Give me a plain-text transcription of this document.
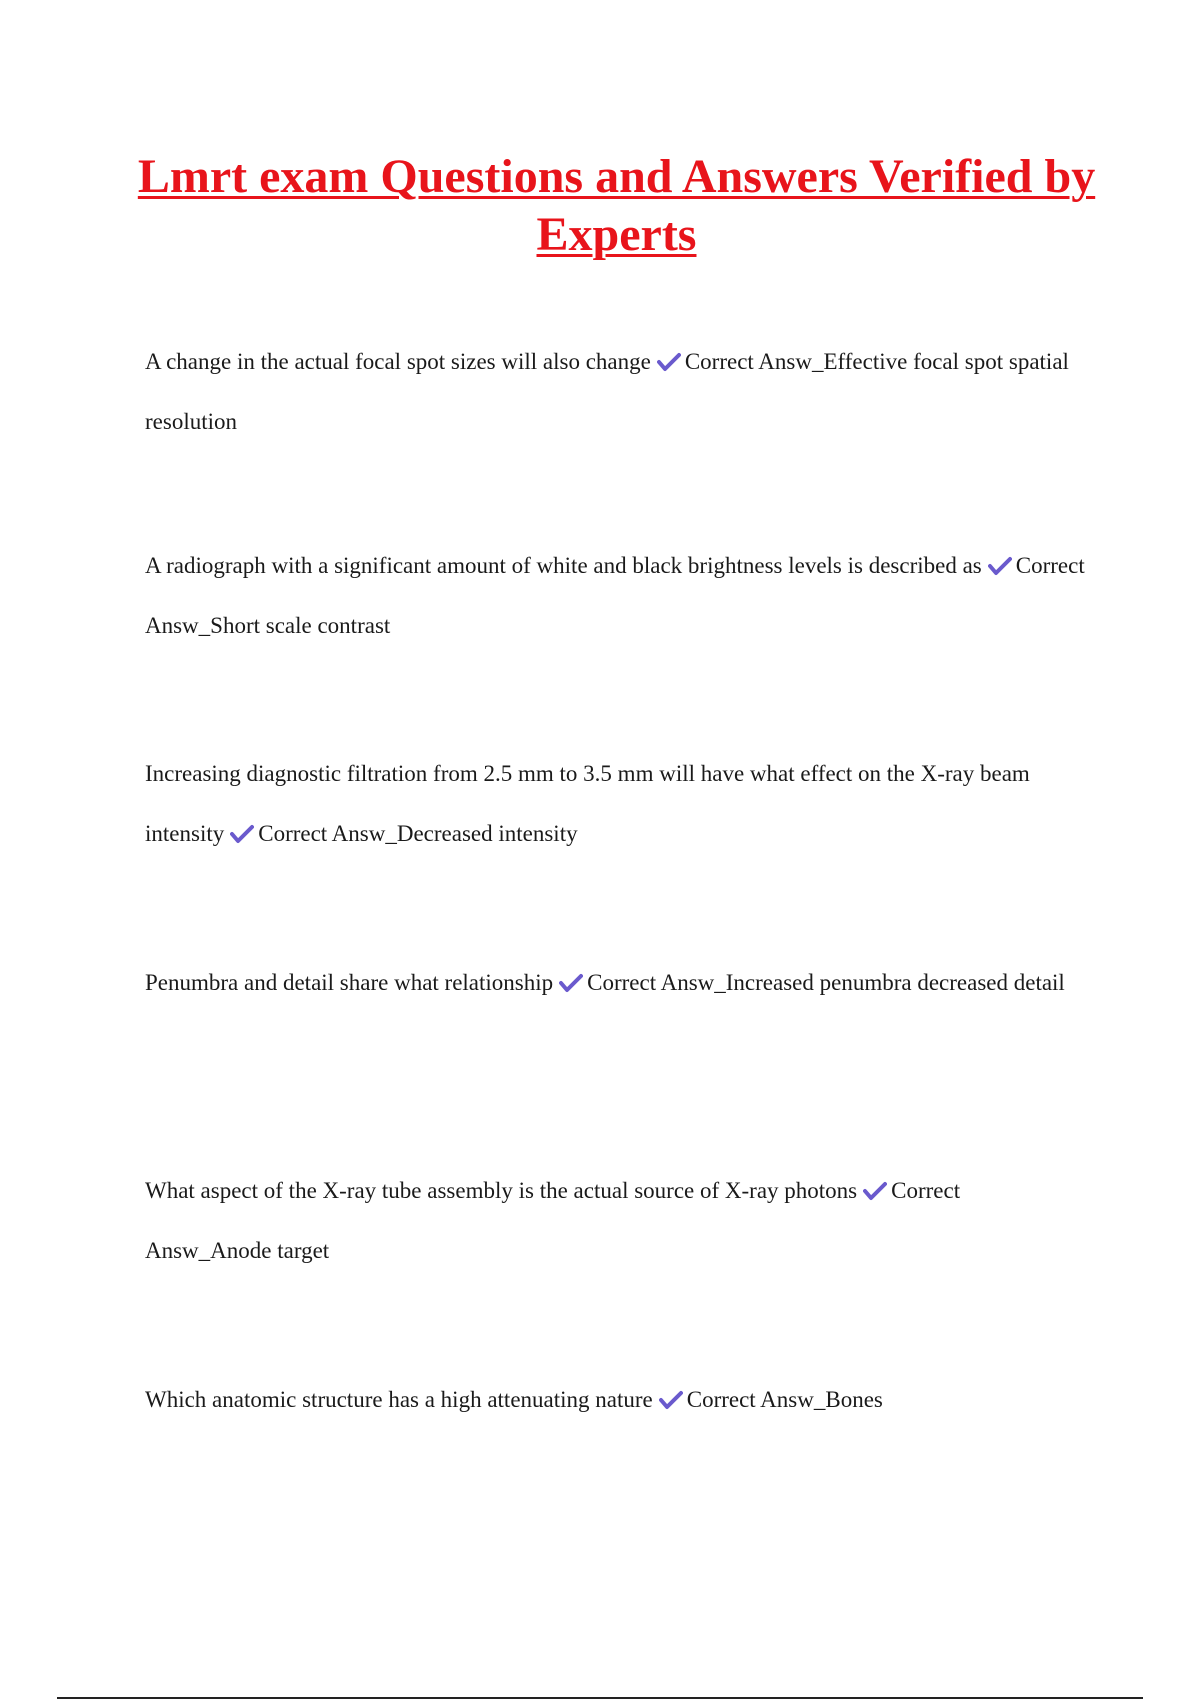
Lmrt exam Questions and Answers Verified by Experts

A change in the actual focal spot sizes will also change Correct Answ_Effective focal spot spatial resolution

A radiograph with a significant amount of white and black brightness levels is described as Correct Answ_Short scale contrast

Increasing diagnostic filtration from 2.5 mm to 3.5 mm will have what effect on the X-ray beam intensity Correct Answ_Decreased intensity

Penumbra and detail share what relationship Correct Answ_Increased penumbra decreased detail

What aspect of the X-ray tube assembly is the actual source of X-ray photons Correct Answ_Anode target

Which anatomic structure has a high attenuating nature Correct Answ_Bones
